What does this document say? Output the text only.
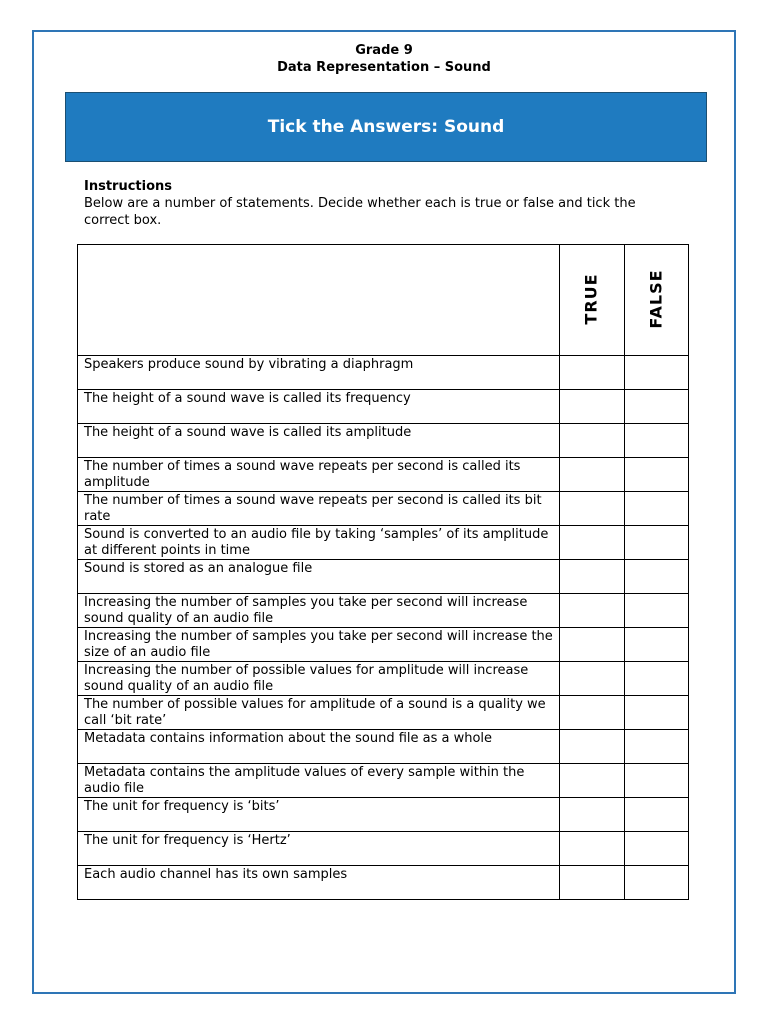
Grade 9
Data Representation – Sound
Tick the Answers: Sound
Instructions
Below are a number of statements. Decide whether each is true or false and tick the correct box.
	TRUE	FALSE
Speakers produce sound by vibrating a diaphragm		
The height of a sound wave is called its frequency		
The height of a sound wave is called its amplitude		
The number of times a sound wave repeats per second is called its amplitude		
The number of times a sound wave repeats per second is called its bit rate		
Sound is converted to an audio file by taking ‘samples’ of its amplitude at different points in time		
Sound is stored as an analogue file		
Increasing the number of samples you take per second will increase sound quality of an audio file		
Increasing the number of samples you take per second will increase the size of an audio file		
Increasing the number of possible values for amplitude will increase sound quality of an audio file		
The number of possible values for amplitude of a sound is a quality we call ‘bit rate’		
Metadata contains information about the sound file as a whole		
Metadata contains the amplitude values of every sample within the audio file		
The unit for frequency is ‘bits’		
The unit for frequency is ‘Hertz’		
Each audio channel has its own samples		
